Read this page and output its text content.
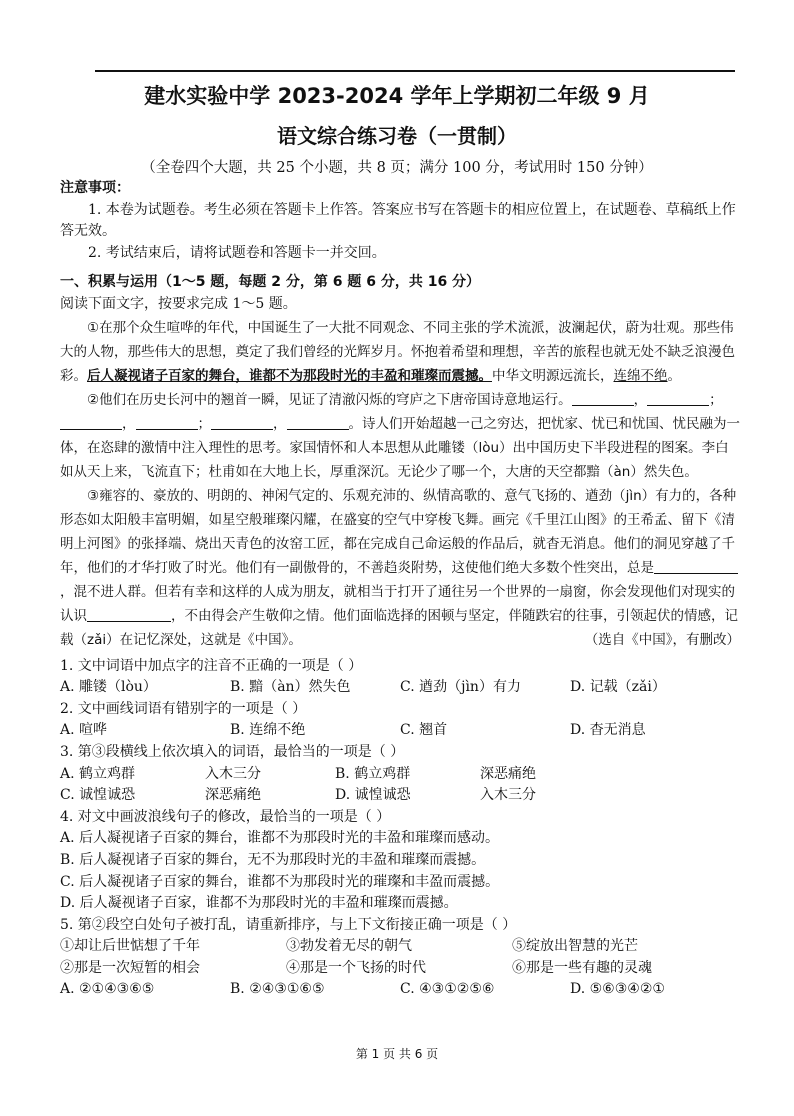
建水实验中学 2023-2024 学年上学期初二年级 9 月
语文综合练习卷（一贯制）
（全卷四个大题，共 25 个小题，共 8 页；满分 100 分，考试用时 150 分钟）

注意事项：

1. 本卷为试题卷。考生必须在答题卡上作答。答案应书写在答题卡的相应位置上，在试题卷、草稿纸上作答无效。

2. 考试结束后，请将试题卷和答题卡一并交回。

一、积累与运用（1～5 题，每题 2 分，第 6 题 6 分，共 16 分）

阅读下面文字，按要求完成 1～5 题。

①在那个众生喧哗的年代，中国诞生了一大批不同观念、不同主张的学术流派，波澜起伏，蔚为壮观。那些伟大的人物，那些伟大的思想，奠定了我们曾经的光辉岁月。怀抱着希望和理想，辛苦的旅程也就无处不缺乏浪漫色彩。后人凝视诸子百家的舞台，谁都不为那段时光的丰盈和璀璨而震撼。中华文明源远流长，连绵不绝。

②他们在历史长河中的翘首一瞬，见证了清澈闪烁的穹庐之下唐帝国诗意地运行。	，	；，	；	，	。诗人们开始超越一己之穷达，把忧家、忧已和忧国、忧民融为一体，在恣肆的激情中注入理性的思考。家国情怀和人本思想从此雕镂（lòu）出中国历史下半段进程的图案。李白如从天上来，飞流直下；杜甫如在大地上长，厚重深沉。无论少了哪一个，大唐的天空都黯（àn）然失色。

③雍容的、豪放的、明朗的、神闲气定的、乐观充沛的、纵情高歌的、意气飞扬的、遒劲（jìn）有力的，各种形态如太阳般丰富明媚，如星空般璀璨闪耀，在盛宴的空气中穿梭飞舞。画完《千里江山图》的王希孟、留下《清明上河图》的张择端、烧出天青色的汝窑工匠，都在完成自己命运般的作品后，就杳无消息。他们的洞见穿越了千年，他们的才华打败了时光。他们有一副傲骨的，不善趋炎附势，这使他们绝大多数个性突出，总是，混不进人群。但若有幸和这样的人成为朋友，就相当于打开了通往另一个世界的一扇窗，你会发现他们对现实的认识	，不由得会产生敬仰之情。他们面临选择的困顿与坚定，伴随跌宕的往事，引领起伏的情感，记载（zǎi）在记忆深处，这就是《中国》。	（选自《中国》，有删改）

1. 文中词语中加点字的注音不正确的一项是（ ）

A. 雕镂（lòu）	B. 黯（àn）然失色	C. 遒劲（jìn）有力	D. 记载（zǎi）

2. 文中画线词语有错别字的一项是（ ）

A. 喧哗	B. 连绵不绝	C. 翘首	D. 杳无消息

3. 第③段横线上依次填入的词语，最恰当的一项是（ ）

A. 鹤立鸡群	入木三分	B. 鹤立鸡群	深恶痛绝
C. 诚惶诚恐	深恶痛绝	D. 诚惶诚恐	入木三分

4. 对文中画波浪线句子的修改，最恰当的一项是（ ）

A. 后人凝视诸子百家的舞台，谁都不为那段时光的丰盈和璀璨而感动。

B. 后人凝视诸子百家的舞台，无不为那段时光的丰盈和璀璨而震撼。

C. 后人凝视诸子百家的舞台，谁都不为那段时光的璀璨和丰盈而震撼。

D. 后人凝视诸子百家，谁都不为那段时光的丰盈和璀璨而震撼。

5. 第②段空白处句子被打乱，请重新排序，与上下文衔接正确一项是（ ）

①却让后世惦想了千年	③勃发着无尽的朝气	⑤绽放出智慧的光芒
②那是一次短暂的相会	④那是一个飞扬的时代	⑥那是一些有趣的灵魂
A. ②①④③⑥⑤	B. ②④③①⑥⑤	C. ④③①②⑤⑥	D. ⑤⑥③④②①
第 1 页 共 6 页
